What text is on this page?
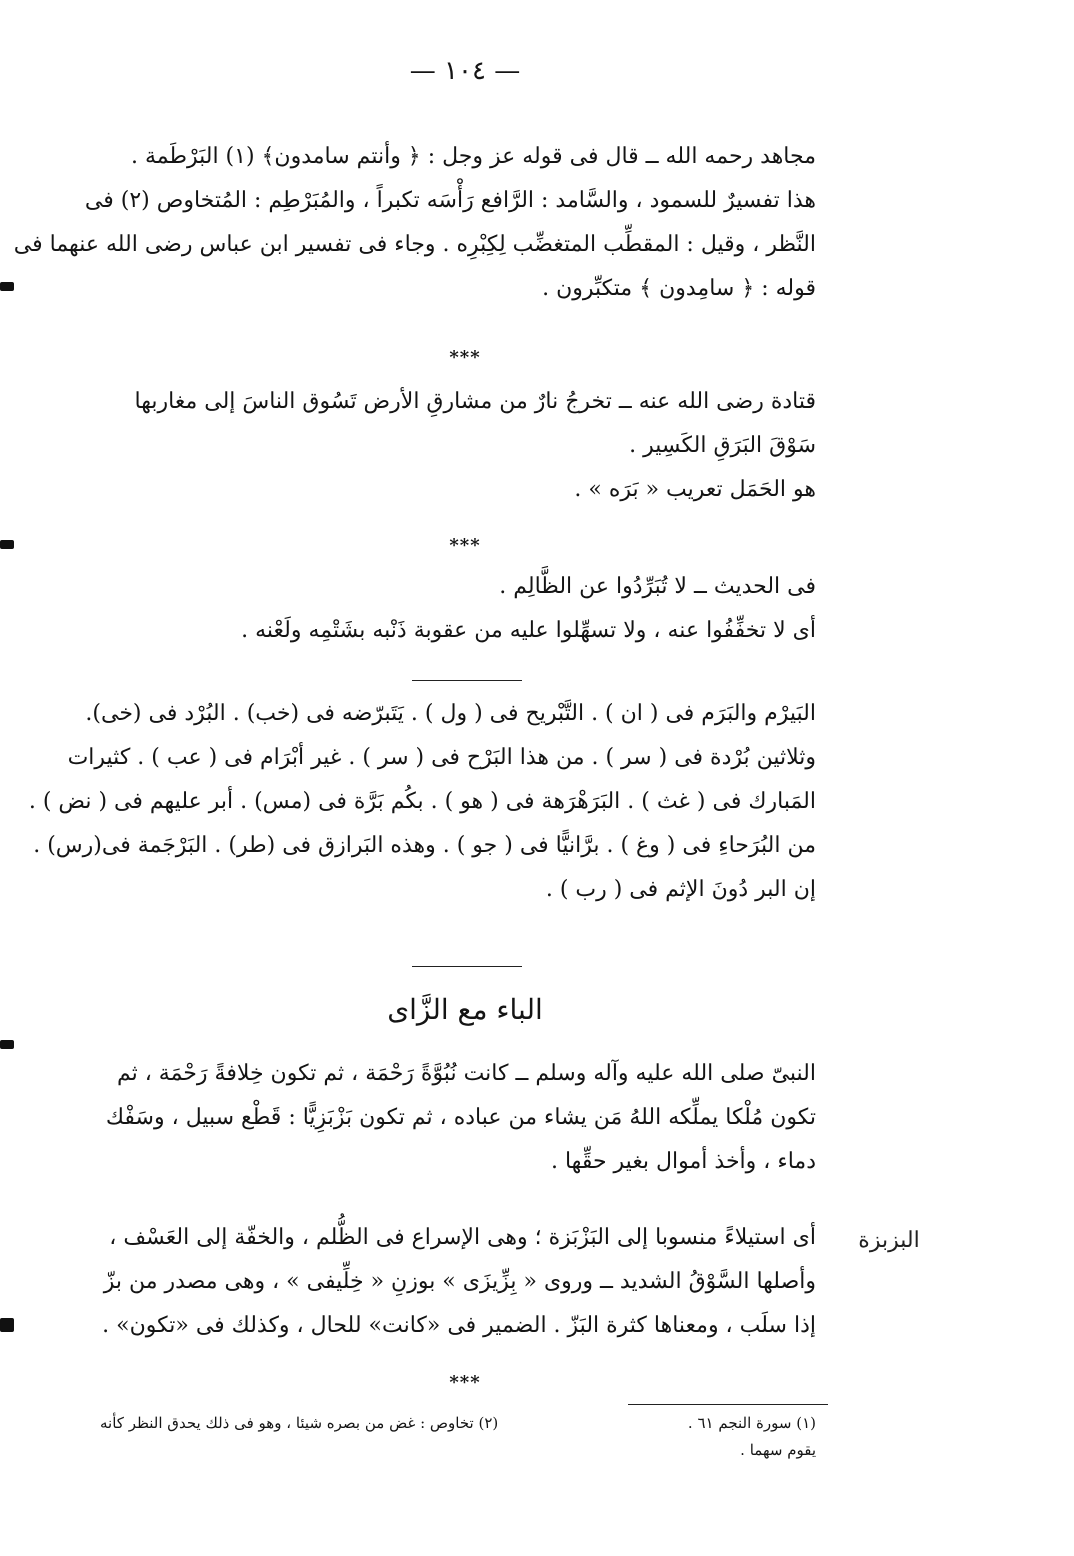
— ١٠٤ —
مجاهد رحمه الله ــ قال فى قوله عز وجل : ﴿ وأنتم سامدون﴾ (١) البَرْطَمة .
هذا تفسيرٌ للسمود ، والسَّامد : الرَّافع رَأْسَه تكبراً ، والمُبَرْطِم : المُتخاوص (٢) فى
النَّظر ، وقيل : المقطِّب المتغضِّب لِكِبْرِه . وجاء فى تفسير ابن عباس رضى الله عنهما فى
قوله : ﴿ سامِدون ﴾ متكبِّرون .
***
قتادة رضى الله عنه ــ تخرجُ نارٌ من مشارقِ الأرض تَسُوق الناسَ إلى مغاربها
سَوْقَ البَرَقِ الكَسِير .
هو الحَمَل تعريب « بَرَه » .
***
فى الحديث ــ لا تُبَرِّدُوا عن الظَّالِم .
أى لا تخفِّفُوا عنه ، ولا تسهِّلوا عليه من عقوبة ذَنْبه بشَتْمِه ولَعْنه .
البَيرْم والبَرَم فى ( ان ) . التَّبْريح فى ( ول ) . يَتَبرّضه فى (خب) . البُرْد فى (خى).
وثلاثين بُرْدة فى ( سر ) . من هذا البَرْح فى ( سر ) . غير أبْرَام فى ( عب ) . كثيرات
المَبارك فى ( غث ) . البَرَهْرَهة فى ( هو ) . بكُم بَرَّة فى (مس) . أبر عليهم فى ( نض ) .
من البُرَحاءِ فى ( وغ ) . برَّانيًّا فى ( جو ) . وهذه البَرازق فى (طر) . البَرْجَمة فى(رس) .
إن البر دُونَ الإثم فى ( رب ) .
الباء مع الزَّاى
النبىّ صلى الله عليه وآله وسلم ــ كانت نُبُوَّةً رَحْمَة ، ثم تكون خِلافةً رَحْمَة ، ثم
تكون مُلْكا يملِّكه اللهُ مَن يشاء من عباده ، ثم تكون بَزْبَزِيًّا : قَطْع سبيل ، وسَفْك
دماء ، وأخذ أموال بغير حقِّها .
البزبزة
أى استيلاءً منسوبا إلى البَزْبَزة ؛ وهى الإسراع فى الظُّلم ، والخفّة إلى العَسْف ،
وأصلها السَّوْقُ الشديد ــ وروى « بِزِّيزَى » بوزنِ « خِلِّيفى » ، وهى مصدر من بزّ
إذا سلَب ، ومعناها كثرة البَزّ . الضمير فى «كانت» للحال ، وكذلك فى «تكون» .
***
(١) سورة النجم ٦١ .
(٢) تخاوص : غض من بصره شيئا ، وهو فى ذلك يحدق النظر كأنه
يقوم سهما .
